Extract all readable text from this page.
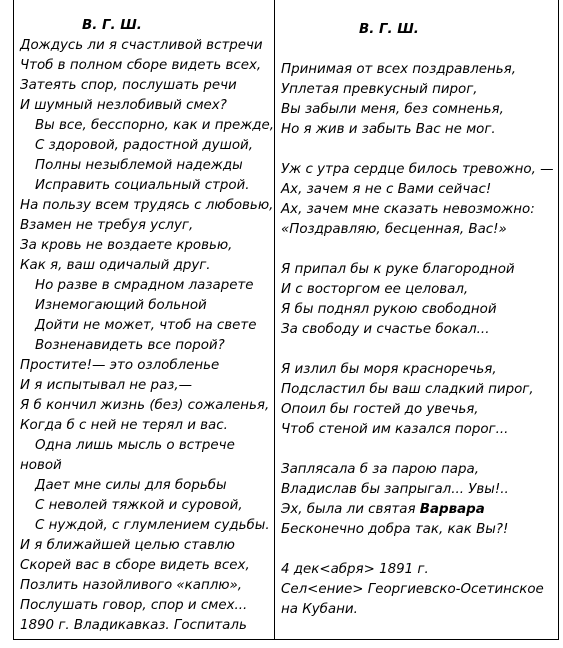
В. Г. Ш.
Дождусь ли я счастливой встречи
Чтоб в полном сборе видеть всех,
Затеять спор, послушать речи
И шумный незлобивый смех?
Вы все, бесспорно, как и прежде,
С здоровой, радостной душой,
Полны незыблемой надежды
Исправить социальный строй.
На пользу всем трудясь с любовью,
Взамен не требуя услуг,
За кровь не воздаете кровью,
Как я, ваш одичалый друг.
Но разве в смрадном лазарете
Изнемогающий больной
Дойти не может, чтоб на свете
Возненавидеть все порой?
Простите!— это озлобленье
И я испытывал не раз,—
Я б кончил жизнь (без) сожаленья,
Когда б с ней не терял и вас.
Одна лишь мысль о встрече
новой
Дает мне силы для борьбы
С неволей тяжкой и суровой,
С нуждой, с глумлением судьбы.
И я ближайшей целью ставлю
Скорей вас в сборе видеть всех,
Позлить назойливого «каплю»,
Послушать говор, спор и смех...
1890 г. Владикавказ. Госпиталь
В. Г. Ш.
Принимая от всех поздравленья,
Уплетая превкусный пирог,
Вы забыли меня, без сомненья,
Но я жив и забыть Вас не мог.
Уж с утра сердце билось тревожно, —
Ах, зачем я не с Вами сейчас!
Ах, зачем мне сказать невозможно:
«Поздравляю, бесценная, Вас!»
Я припал бы к руке благородной
И с восторгом ее целовал,
Я бы поднял рукою свободной
За свободу и счастье бокал...
Я излил бы моря красноречья,
Подсластил бы ваш сладкий пирог,
Опоил бы гостей до увечья,
Чтоб стеной им казался порог...
Заплясала б за парою пара,
Владислав бы запрыгал... Увы!..
Эх, была ли святая Варвара
Бесконечно добра так, как Вы?!
4 дек<абря> 1891 г.
Сел<ение> Георгиевско-Осетинское
на Кубани.
